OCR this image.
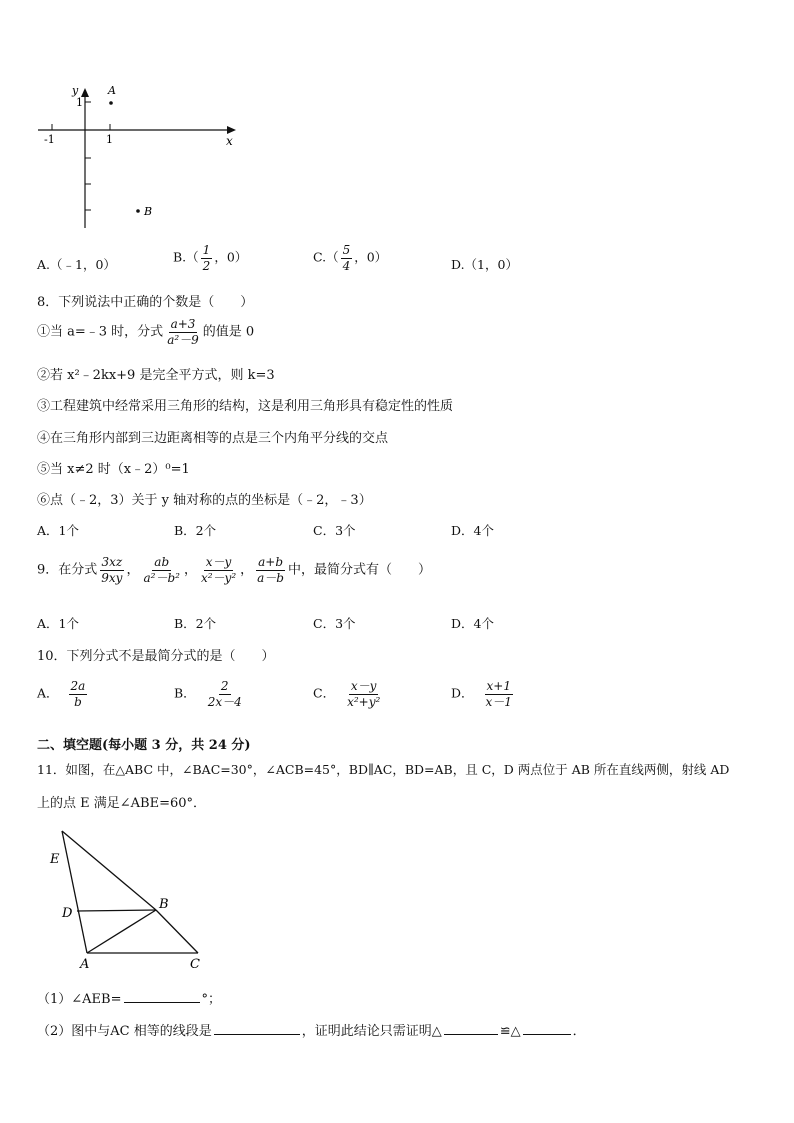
y
x
1
-1	1
A
B
A.（﹣1，0）	$B.( \frac{1}{2}$ ，0）	$C.( \frac{5}{4}$ ，0）	D.（1，0）
8．下列说法中正确的个数是（　　）
①当 a=﹣3 时，分式 $\frac{a+3}{\text{a²－9}}$ 的值是 0
②若 x²﹣2kx+9 是完全平方式，则 k=3
③工程建筑中经常采用三角形的结构，这是利用三角形具有稳定性的性质
④在三角形内部到三边距离相等的点是三个内角平分线的交点
⑤当 x≠2 时（x﹣2）⁰=1
⑥点（﹣2，3）关于 y 轴对称的点的坐标是（﹣2，﹣3）
A．1个	B．2个	C．3个	D．4个
9．在分式 $\frac{3xz}{9xy}$ ， $\frac{ab}{\text{a²－b²}}$ ， $\frac{x-y}{\text{x²－y²}}$ ， $\frac{a+b}{a-b}$ 中，最简分式有（　　）
A．1个	B．2个	C．3个	D．4个
10．下列分式不是最简分式的是（　　）
A． $\frac{2a}{b}$	B． $\frac{2}{2x-4}$	C． $\frac{x-y}{\text{x²+y²}}$	D． $\frac{x+1}{x-1}$
二、填空题(每小题 3 分，共 24 分)
11．如图，在△ABC 中，∠BAC=30°，∠ACB=45°，BD∥AC，BD=AB，且 C，D 两点位于 AB 所在直线两侧，射线 AD
上的点 E 满足∠ABE=60°．
E
D
B
A	C
（1）∠AEB=	°；
（2）图中与AC 相等的线段是	，证明此结论只需证明△	≌△	．
